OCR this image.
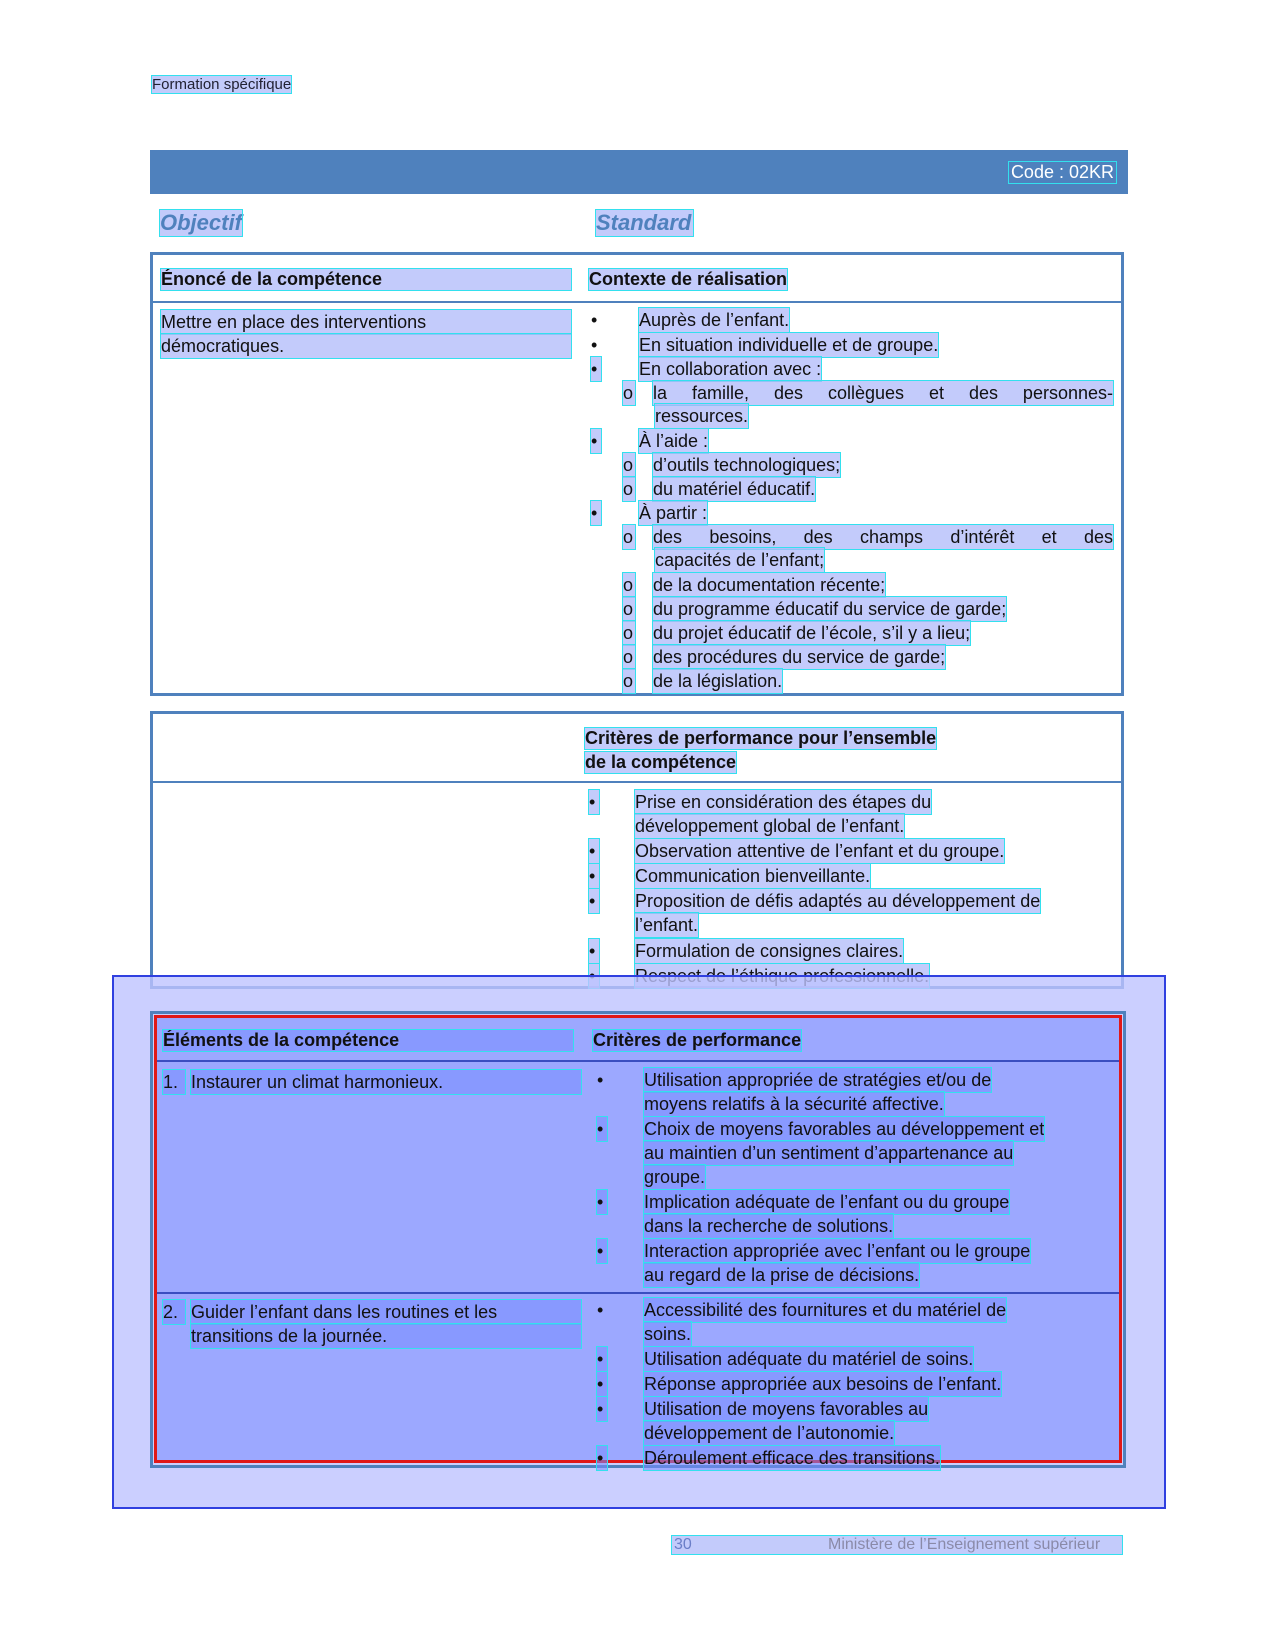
Formation spécifique
Code : 02KR
Objectif	Standard
Énoncé de la compétence	Contexte de réalisation
Mettre en place des interventions
démocratiques.
• Auprès de l’enfant.
• En situation individuelle et de groupe.
• En collaboration avec :
o la famille, des collègues et des personnes-
ressources.
• À l’aide :
o d’outils technologiques;
o du matériel éducatif.
• À partir :
o des besoins, des champs d’intérêt et des
capacités de l’enfant;
o de la documentation récente;
o du programme éducatif du service de garde;
o du projet éducatif de l’école, s’il y a lieu;
o des procédures du service de garde;
o de la législation.
Critères de performance pour l’ensemble
de la compétence
• Prise en considération des étapes du
développement global de l’enfant.
• Observation attentive de l’enfant et du groupe.
• Communication bienveillante.
• Proposition de défis adaptés au développement de
l’enfant.
• Formulation de consignes claires.
Éléments de la compétence	Critères de performance
1. Instaurer un climat harmonieux.	• Utilisation appropriée de stratégies et/ou de
moyens relatifs à la sécurité affective.
• Choix de moyens favorables au développement et
au maintien d’un sentiment d’appartenance au
groupe.
• Implication adéquate de l’enfant ou du groupe
dans la recherche de solutions.
• Interaction appropriée avec l’enfant ou le groupe
au regard de la prise de décisions.
2. Guider l’enfant dans les routines et les
transitions de la journée.
• Accessibilité des fournitures et du matériel de
soins.
• Utilisation adéquate du matériel de soins.
• Réponse appropriée aux besoins de l’enfant.
• Utilisation de moyens favorables au
développement de l’autonomie.
• Déroulement efficace des transitions.
30	Ministère de l’Enseignement supérieur
